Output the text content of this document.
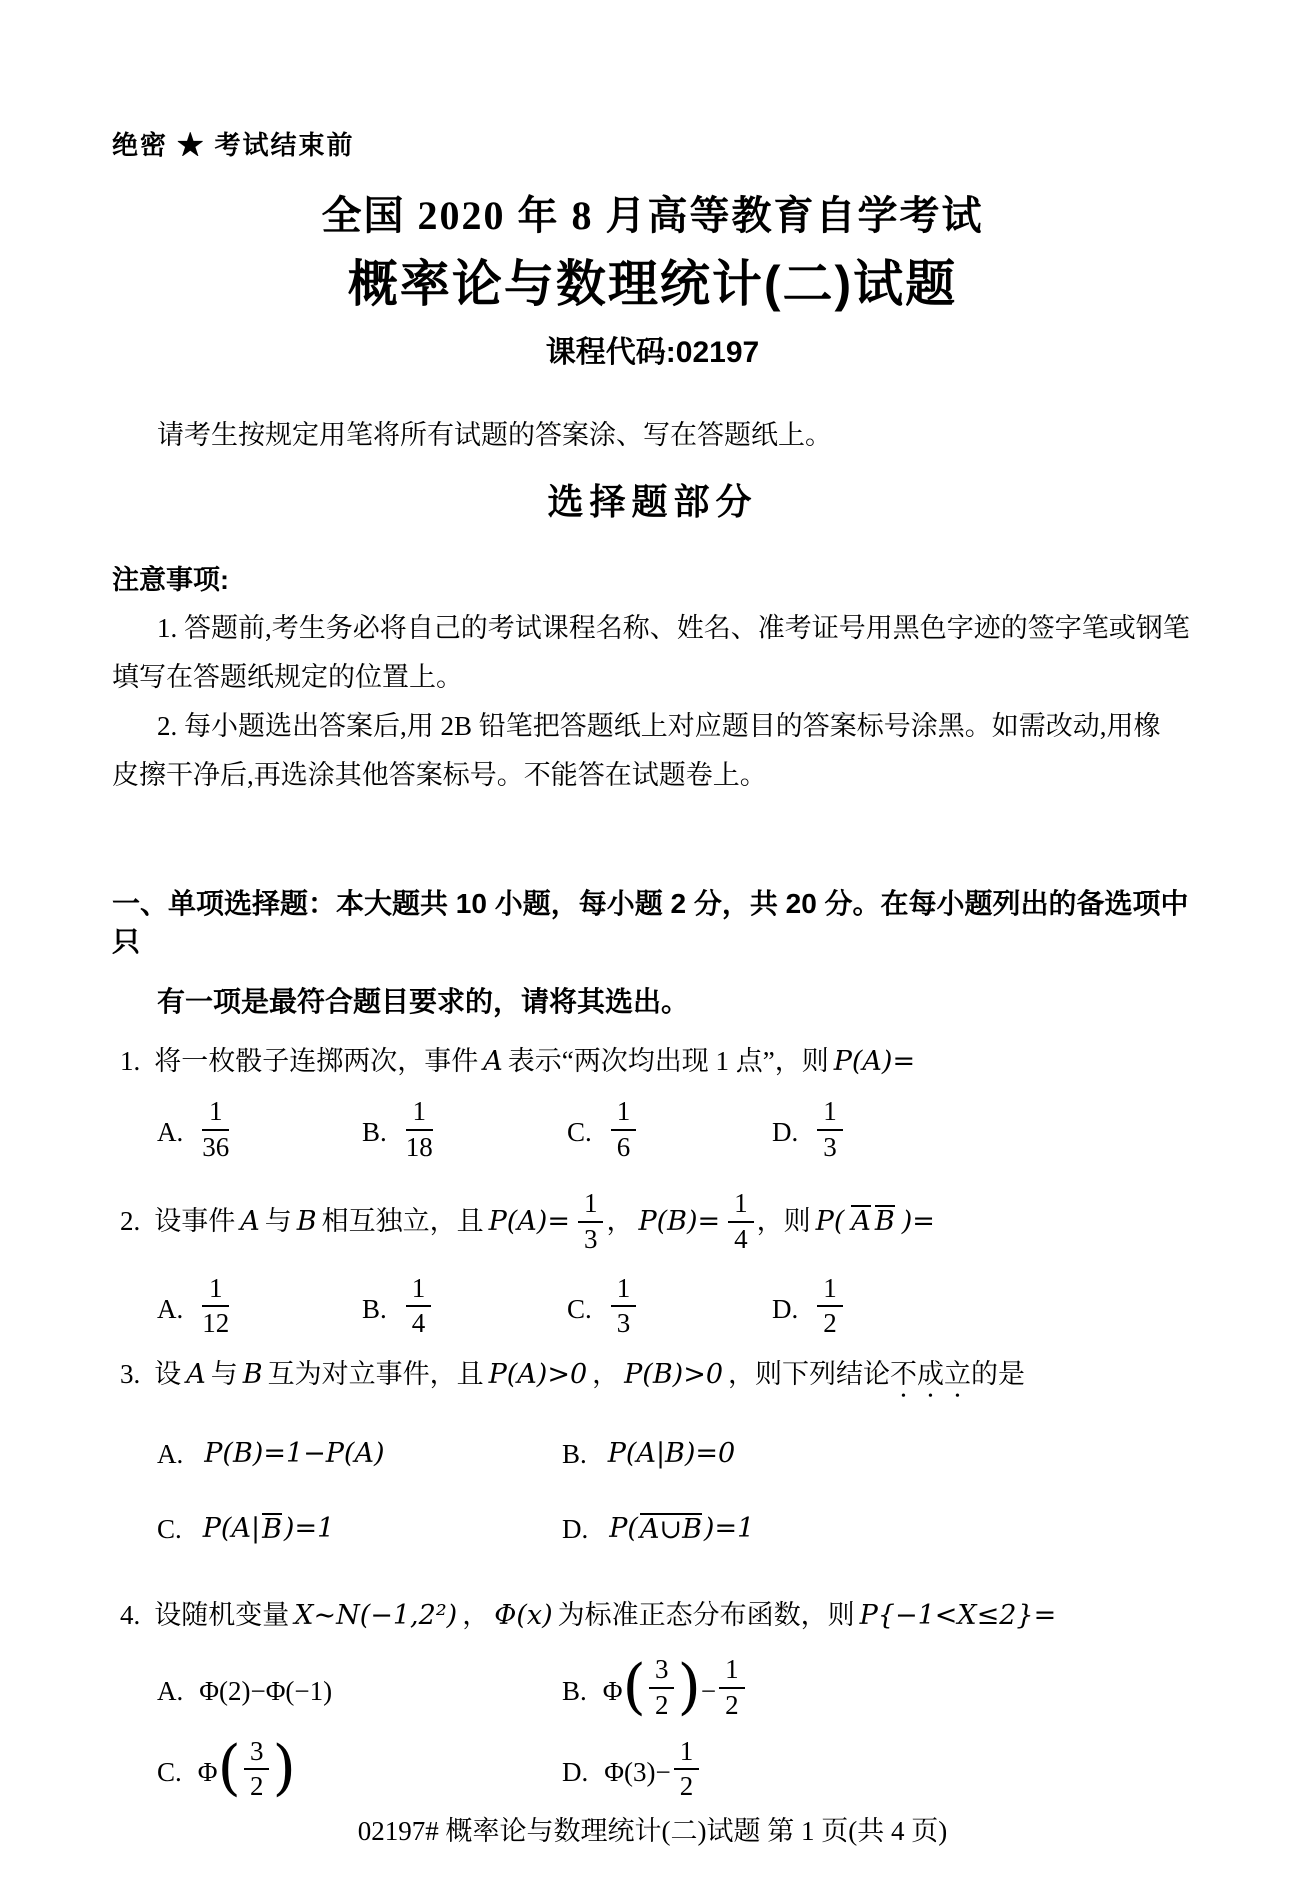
绝密 ★ 考试结束前
全国 2020 年 8 月高等教育自学考试
概率论与数理统计(二)试题
课程代码:02197

请考生按规定用笔将所有试题的答案涂、写在答题纸上。

选择题部分
注意事项:

1. 答题前,考生务必将自己的考试课程名称、姓名、准考证号用黑色字迹的签字笔或钢笔

填写在答题纸规定的位置上。

2. 每小题选出答案后,用 2B 铅笔把答题纸上对应题目的答案标号涂黑。如需改动,用橡

皮擦干净后,再选涂其他答案标号。不能答在试题卷上。

一、单项选择题：本大题共 10 小题，每小题 2 分，共 20 分。在每小题列出的备选项中只
有一项是最符合题目要求的，请将其选出。
1. 将一枚骰子连掷两次，事件 A 表示“两次均出现 1 点”，则 P(A)=
A. $\frac{1}{36}$	B. $\frac{1}{18}$	C. $\frac{1}{6}$	D. $\frac{1}{3}$
2. 设事件 A 与 B 相互独立，且 $P(A)= \frac{1}{3}$ ， $P(B)= \frac{1}{4}$ ，则 P( A B )=
A. $\frac{1}{12}$	B. $\frac{1}{4}$	C. $\frac{1}{3}$	D. $\frac{1}{2}$
3. 设 A 与 B 互为对立事件，且 P(A)>0 ， P(B)>0 ，则下列结论不成立的是
A. P(B)=1−P(A)	B. P(A|B)=0
C. P(A| B )=1	D. P( A∪B )=1
4. 设随机变量 X∼N(−1,2²) ， Φ(x) 为标准正态分布函数，则 P{−1<X≤2}=
A. Φ(2)−Φ(−1)	B. Φ ( $\frac{3}{2}$ ) − $\frac{1}{2}$
C. Φ ( $\frac{3}{2}$ )	D. $\Phi(3)- \frac{1}{2}$
02197# 概率论与数理统计(二)试题 第 1 页(共 4 页)
